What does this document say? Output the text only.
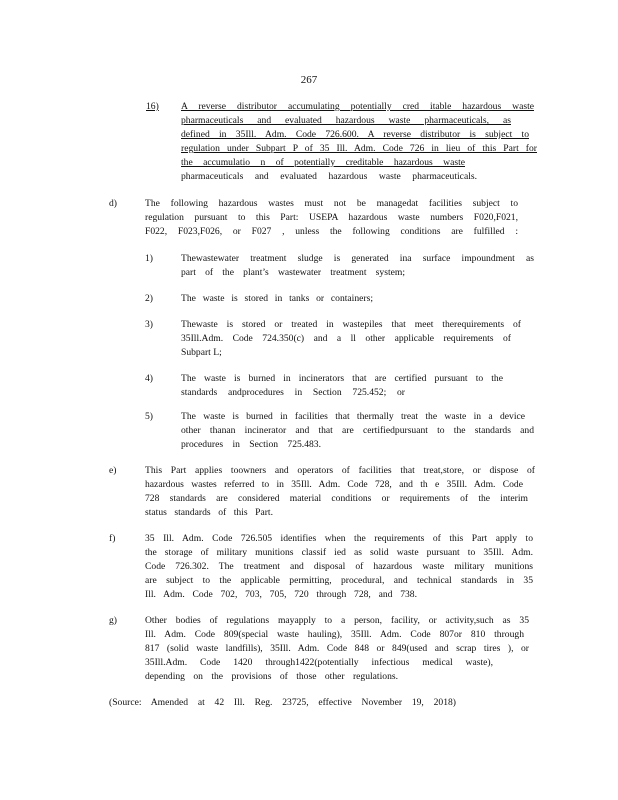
267
16) A reverse distributor accumulating potentially cred itable hazardous waste

pharmaceuticals and evaluated hazardous waste pharmaceuticals, as

defined in 35Ill. Adm. Code 726.600. A reverse distributor is subject to

regulation under Subpart P of 35 Ill. Adm. Code 726 in lieu of this Part for

the accumulatio n of potentially creditable hazardous waste

pharmaceuticals and evaluated hazardous waste pharmaceuticals.

d)	The following hazardous wastes must not be managedat facilities subject to

regulation pursuant to this Part: USEPA hazardous waste numbers F020,F021,

F022, F023,F026, or F027 , unless the following conditions are fulfilled :

1)	Thewastewater treatment sludge is generated ina surface impoundment as

part of the plant’s wastewater treatment system;

2)	The waste is stored in tanks or containers;

3)	Thewaste is stored or treated in wastepiles that meet therequirements of

35Ill.Adm. Code 724.350(c) and a ll other applicable requirements of

Subpart L;

4)	The waste is burned in incinerators that are certified pursuant to the

standards andprocedures in Section 725.452; or

5)	The waste is burned in facilities that thermally treat the waste in a device

other thanan incinerator and that are certifiedpursuant to the standards and

procedures in Section 725.483.

e)	This Part applies toowners and operators of facilities that treat,store, or dispose of

hazardous wastes referred to in 35Ill. Adm. Code 728, and th e 35Ill. Adm. Code

728 standards are considered material conditions or requirements of the interim

status standards of this Part.

f)	35 Ill. Adm. Code 726.505 identifies when the requirements of this Part apply to

the storage of military munitions classif ied as solid waste pursuant to 35Ill. Adm.

Code 726.302. The treatment and disposal of hazardous waste military munitions

are subject to the applicable permitting, procedural, and technical standards in 35

Ill. Adm. Code 702, 703, 705, 720 through 728, and 738.

g)	Other bodies of regulations mayapply to a person, facility, or activity,such as 35

Ill. Adm. Code 809(special waste hauling), 35Ill. Adm. Code 807or 810 through

817 (solid waste landfills), 35Ill. Adm. Code 848 or 849(used and scrap tires ), or

35Ill.Adm. Code 1420 through1422(potentially infectious medical waste),

depending on the provisions of those other regulations.

(Source: Amended at 42 Ill. Reg. 23725, effective November 19, 2018)
